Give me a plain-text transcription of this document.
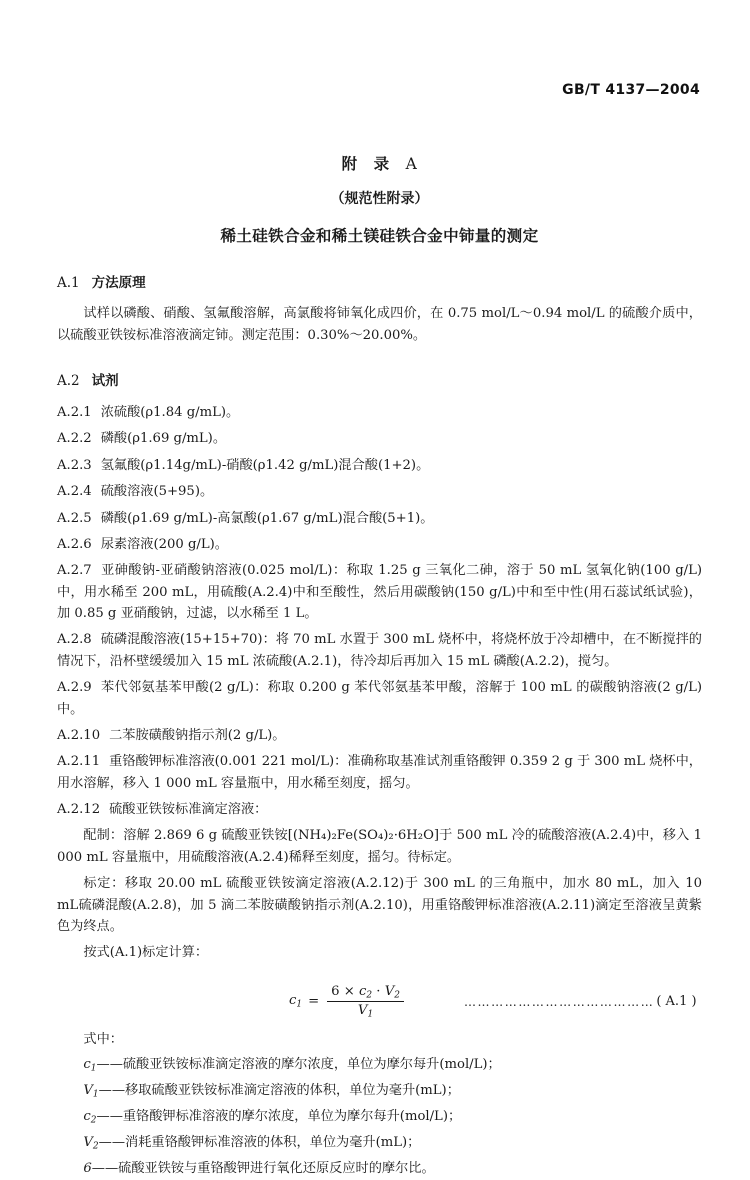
GB/T 4137—2004
附 录 A
（规范性附录）
稀土硅铁合金和稀土镁硅铁合金中铈量的测定
A.1 方法原理

试样以磷酸、硝酸、氢氟酸溶解，高氯酸将铈氧化成四价，在 0.75 mol/L～0.94 mol/L 的硫酸介质中，以硫酸亚铁铵标准溶液滴定铈。测定范围：0.30%～20.00%。

A.2 试剂

A.2.1 浓硫酸(ρ1.84 g/mL)。

A.2.2 磷酸(ρ1.69 g/mL)。

A.2.3 氢氟酸(ρ1.14g/mL)-硝酸(ρ1.42 g/mL)混合酸(1+2)。

A.2.4 硫酸溶液(5+95)。

A.2.5 磷酸(ρ1.69 g/mL)-高氯酸(ρ1.67 g/mL)混合酸(5+1)。

A.2.6 尿素溶液(200 g/L)。

A.2.7 亚砷酸钠-亚硝酸钠溶液(0.025 mol/L)：称取 1.25 g 三氧化二砷，溶于 50 mL 氢氧化钠(100 g/L)中，用水稀至 200 mL，用硫酸(A.2.4)中和至酸性，然后用碳酸钠(150 g/L)中和至中性(用石蕊试纸试验)，加 0.85 g 亚硝酸钠，过滤，以水稀至 1 L。

A.2.8 硫磷混酸溶液(15+15+70)：将 70 mL 水置于 300 mL 烧杯中，将烧杯放于冷却槽中，在不断搅拌的情况下，沿杯壁缓缓加入 15 mL 浓硫酸(A.2.1)，待冷却后再加入 15 mL 磷酸(A.2.2)，搅匀。

A.2.9 苯代邻氨基苯甲酸(2 g/L)：称取 0.200 g 苯代邻氨基苯甲酸，溶解于 100 mL 的碳酸钠溶液(2 g/L)中。

A.2.10 二苯胺磺酸钠指示剂(2 g/L)。

A.2.11 重铬酸钾标准溶液(0.001 221 mol/L)：准确称取基准试剂重铬酸钾 0.359 2 g 于 300 mL 烧杯中，用水溶解，移入 1 000 mL 容量瓶中，用水稀至刻度，摇匀。

A.2.12 硫酸亚铁铵标准滴定溶液：

配制：溶解 2.869 6 g 硫酸亚铁铵[(NH₄)₂Fe(SO₄)₂·6H₂O]于 500 mL 冷的硫酸溶液(A.2.4)中，移入 1 000 mL 容量瓶中，用硫酸溶液(A.2.4)稀释至刻度，摇匀。待标定。

标定：移取 20.00 mL 硫酸亚铁铵滴定溶液(A.2.12)于 300 mL 的三角瓶中，加水 80 mL，加入 10 mL硫磷混酸(A.2.8)，加 5 滴二苯胺磺酸钠指示剂(A.2.10)，用重铬酸钾标准溶液(A.2.11)滴定至溶液呈黄紫色为终点。

按式(A.1)标定计算：

$c_1 = \frac{6 \times c_2 \cdot V_2}{V_1}$	…………………………………… ( A.1 )

式中：

$c_1——$硫酸亚铁铵标准滴定溶液的摩尔浓度，单位为摩尔每升(mol/L)；
$V_1——$移取硫酸亚铁铵标准滴定溶液的体积，单位为毫升(mL)；
$c_2——$重铬酸钾标准溶液的摩尔浓度，单位为摩尔每升(mol/L)；
$V_2——$消耗重铬酸钾标准溶液的体积，单位为毫升(mL)；
6——硫酸亚铁铵与重铬酸钾进行氧化还原反应时的摩尔比。
